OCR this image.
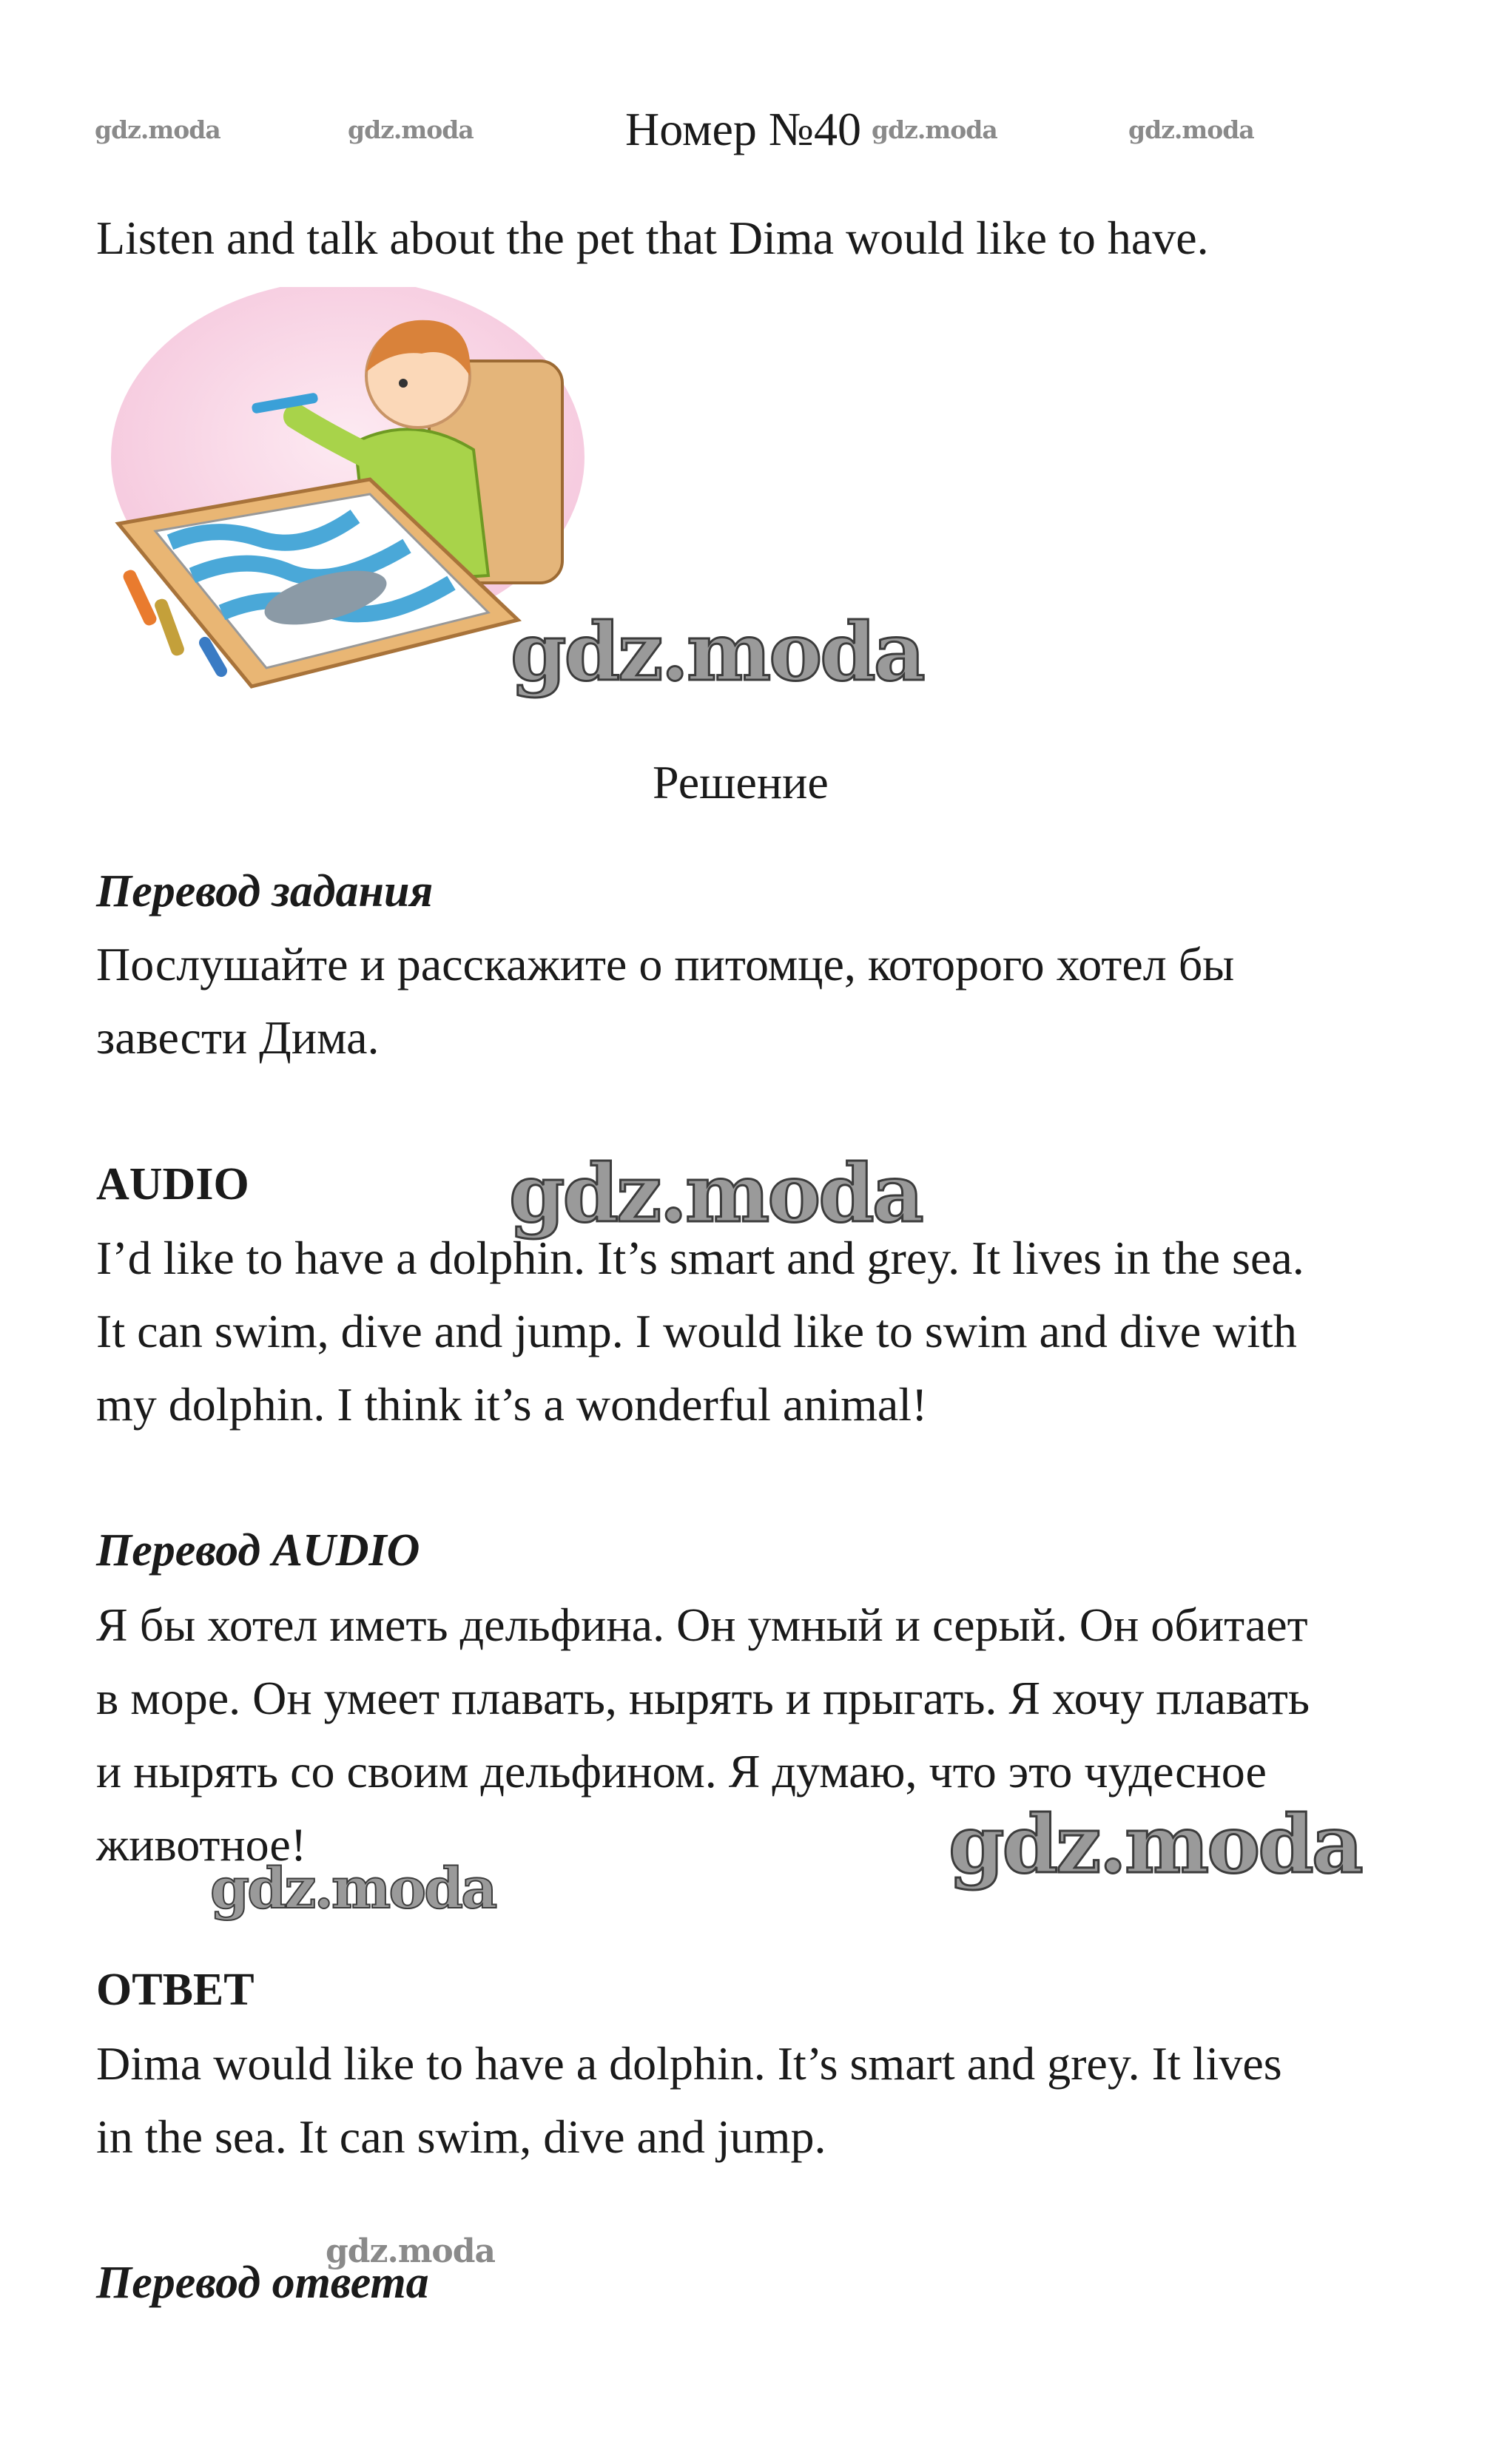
gdz.moda	gdz.moda	Номер №40 gdz.moda	gdz.moda
Listen and talk about the pet that Dima would like to have.
gdz.moda
Решение
Перевод задания
Послушайте и расскажите о питомце, которого хотел бы
завести Дима.
AUDIO	gdz.moda
I’d like to have a dolphin. It’s smart and grey. It lives in the sea.
It can swim, dive and jump. I would like to swim and dive with
my dolphin. I think it’s a wonderful animal!
Перевод AUDIO
Я бы хотел иметь дельфина. Он умный и серый. Он обитает
в море. Он умеет плавать, нырять и прыгать. Я хочу плавать
и нырять со своим дельфином. Я думаю, что это чудесное
животное!	gdz.moda
gdz.moda
ОТВЕТ
Dima would like to have a dolphin. It’s smart and grey. It lives
in the sea. It can swim, dive and jump.
gdz.moda
Перевод ответа
